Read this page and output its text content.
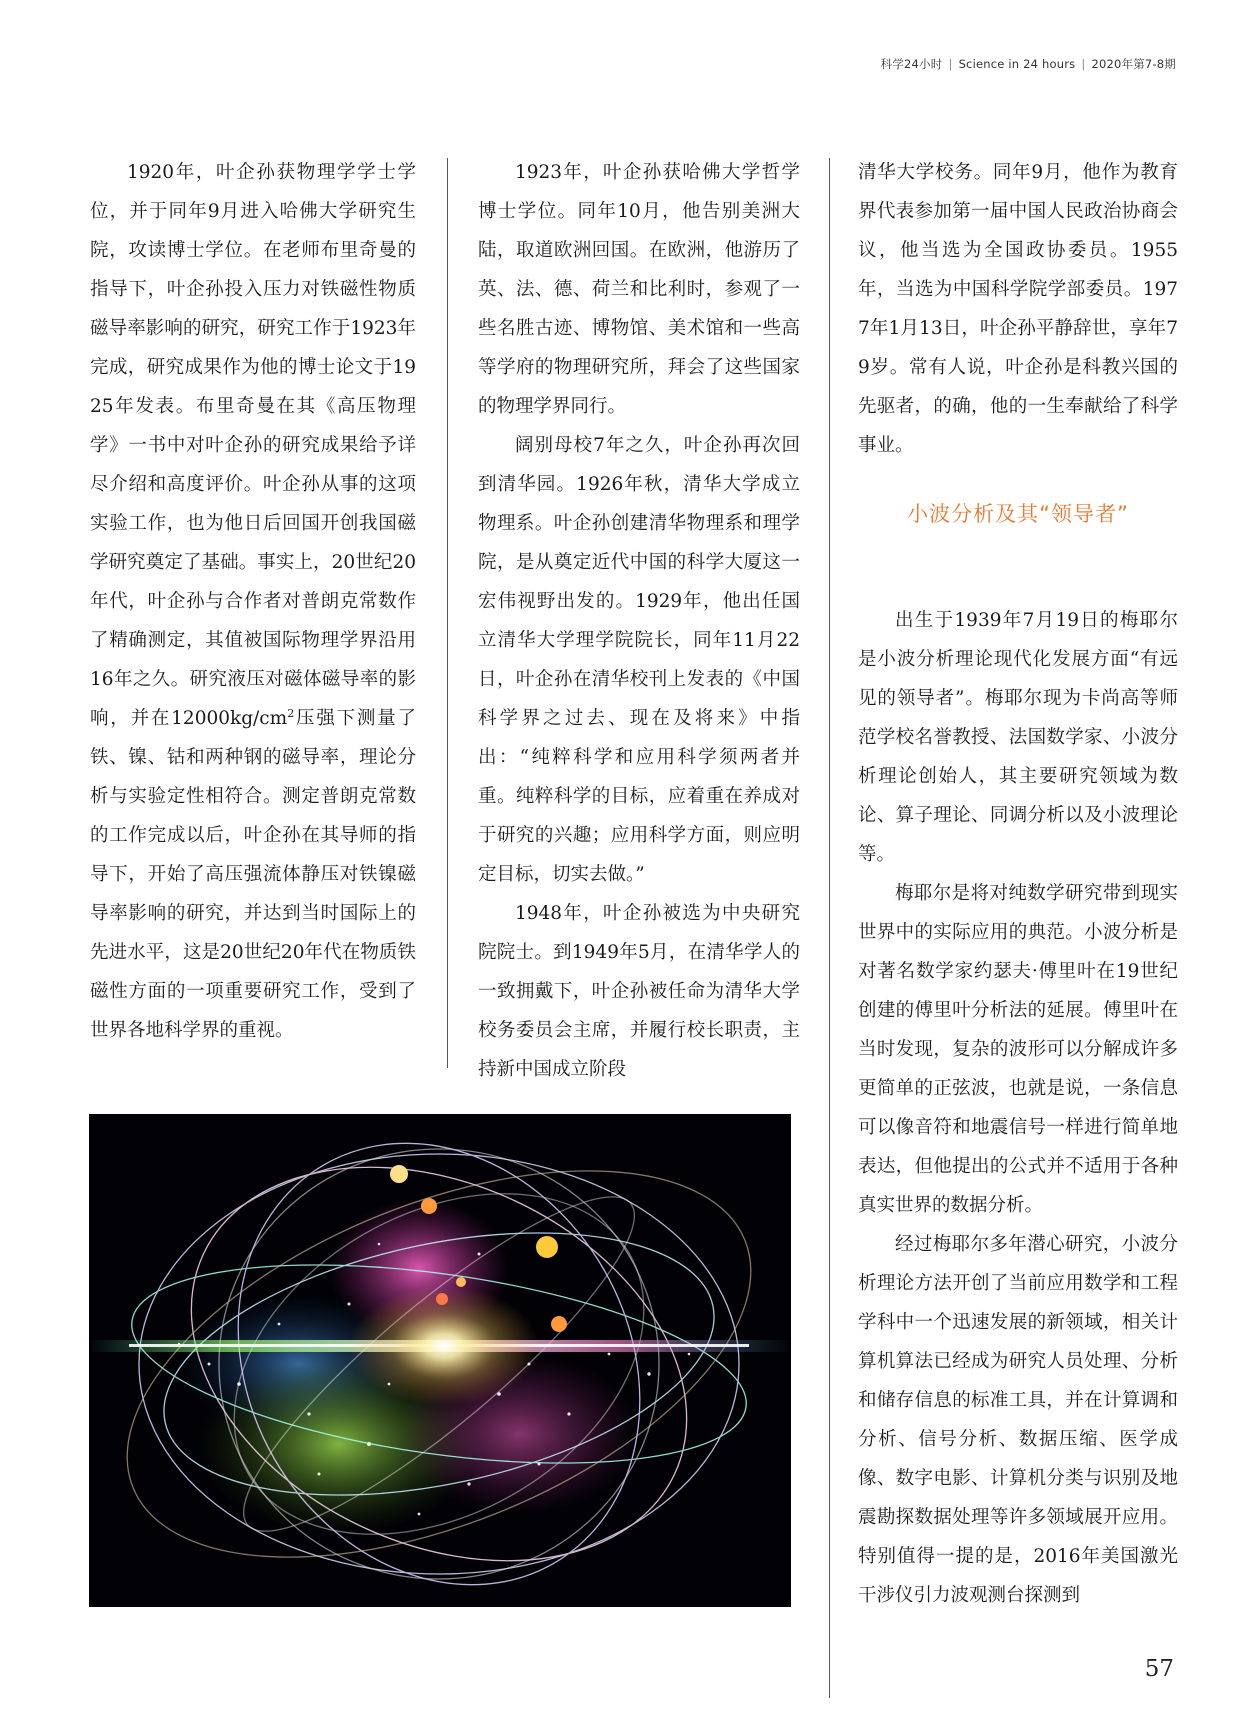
科学24小时 | Science in 24 hours | 2020年第7-8期

1920年，叶企孙获物理学学士学位，并于同年9月进入哈佛大学研究生院，攻读博士学位。在老师布里奇曼的指导下，叶企孙投入压力对铁磁性物质磁导率影响的研究，研究工作于1923年完成，研究成果作为他的博士论文于1925年发表。布里奇曼在其《高压物理学》一书中对叶企孙的研究成果给予详尽介绍和高度评价。叶企孙从事的这项实验工作，也为他日后回国开创我国磁学研究奠定了基础。事实上，20世纪20年代，叶企孙与合作者对普朗克常数作了精确测定，其值被国际物理学界沿用16年之久。研究液压对磁体磁导率的影响，并在$12000kg/cm^2$压强下测量了铁、镍、钴和两种钢的磁导率，理论分析与实验定性相符合。测定普朗克常数的工作完成以后，叶企孙在其导师的指导下，开始了高压强流体静压对铁镍磁导率影响的研究，并达到当时国际上的先进水平，这是20世纪20年代在物质铁磁性方面的一项重要研究工作，受到了世界各地科学界的重视。

1923年，叶企孙获哈佛大学哲学博士学位。同年10月，他告别美洲大陆，取道欧洲回国。在欧洲，他游历了英、法、德、荷兰和比利时，参观了一些名胜古迹、博物馆、美术馆和一些高等学府的物理研究所，拜会了这些国家的物理学界同行。

阔别母校7年之久，叶企孙再次回到清华园。1926年秋，清华大学成立物理系。叶企孙创建清华物理系和理学院，是从奠定近代中国的科学大厦这一宏伟视野出发的。1929年，他出任国立清华大学理学院院长，同年11月22日，叶企孙在清华校刊上发表的《中国科学界之过去、现在及将来》中指出：“纯粹科学和应用科学须两者并重。纯粹科学的目标，应着重在养成对于研究的兴趣；应用科学方面，则应明定目标，切实去做。”

1948年，叶企孙被选为中央研究院院士。到1949年5月，在清华学人的一致拥戴下，叶企孙被任命为清华大学校务委员会主席，并履行校长职责，主持新中国成立阶段

清华大学校务。同年9月，他作为教育界代表参加第一届中国人民政治协商会议，他当选为全国政协委员。1955年，当选为中国科学院学部委员。1977年1月13日，叶企孙平静辞世，享年79岁。常有人说，叶企孙是科教兴国的先驱者，的确，他的一生奉献给了科学事业。

出生于1939年7月19日的梅耶尔是小波分析理论现代化发展方面“有远见的领导者”。梅耶尔现为卡尚高等师范学校名誉教授、法国数学家、小波分析理论创始人，其主要研究领域为数论、算子理论、同调分析以及小波理论等。

梅耶尔是将对纯数学研究带到现实世界中的实际应用的典范。小波分析是对著名数学家约瑟夫·傅里叶在19世纪创建的傅里叶分析法的延展。傅里叶在当时发现，复杂的波形可以分解成许多更简单的正弦波，也就是说，一条信息可以像音符和地震信号一样进行简单地表达，但他提出的公式并不适用于各种真实世界的数据分析。

经过梅耶尔多年潜心研究，小波分析理论方法开创了当前应用数学和工程学科中一个迅速发展的新领域，相关计算机算法已经成为研究人员处理、分析和储存信息的标准工具，并在计算调和分析、信号分析、数据压缩、医学成像、数字电影、计算机分类与识别及地震勘探数据处理等许多领域展开应用。特别值得一提的是，2016年美国激光干涉仪引力波观测台探测到

小波分析及其“领导者”
57
